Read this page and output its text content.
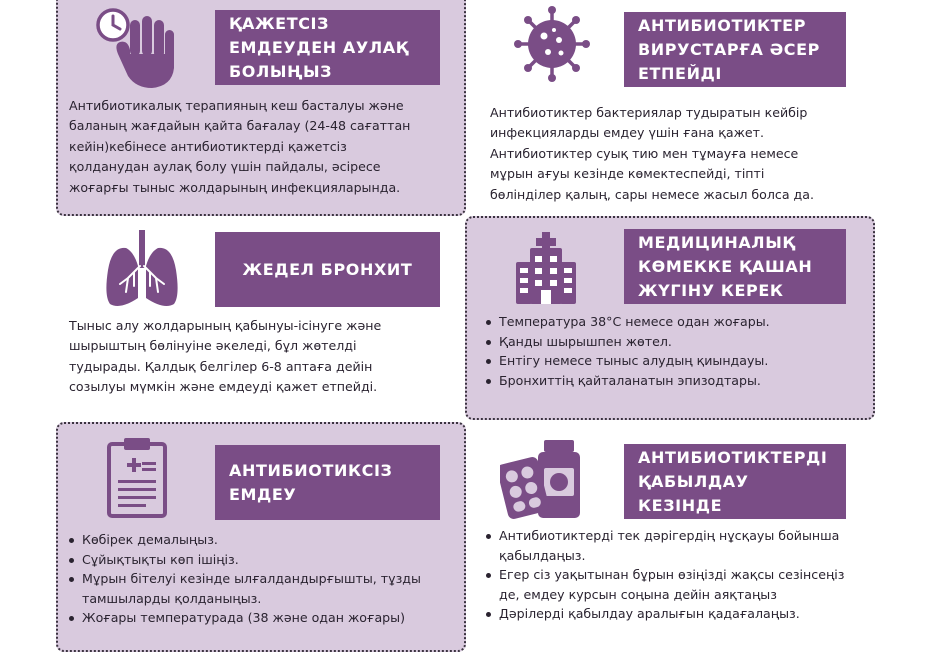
ҚАЖЕТСІЗ
ЕМДЕУДЕН АУЛАҚ
БОЛЫҢЫЗ

Антибиотикалық терапияның кеш басталуы және
баланың жағдайын қайта бағалау (24-48 сағаттан
кейін)кебінесе антибиотиктерді қажетсіз
қолданудан аулақ болу үшін пайдалы, әсіресе
жоғарғы тыныс жолдарының инфекцияларында.

АНТИБИОТИКТЕР
ВИРУСТАРҒА ӘСЕР
ЕТПЕЙДІ

Антибиотиктер бактериялар тудыратын кейбір
инфекцияларды емдеу үшін ғана қажет.
Антибиотиктер суық тию мен тұмауға немесе
мұрын ағуы кезінде көмектеспейді, тіпті
бөлінділер қалың, сары немесе жасыл болса да.

ЖЕДЕЛ БРОНХИТ

Тыныс алу жолдарының қабынуы-ісінуге және
шырыштың бөлінуіне әкеледі, бұл жөтелді
тудырады. Қалдық белгілер 6-8 аптаға дейін
созылуы мүмкін және емдеуді қажет етпейді.

МЕДИЦИНАЛЫҚ
КӨМЕККЕ ҚАШАН
ЖҮГІНУ КЕРЕК
Температура 38°С немесе одан жоғары.
Қанды шырышпен жөтел.
Ентігу немесе тыныс алудың қиындауы.
Бронхиттің қайталанатын эпизодтары.
АНТИБИОТИКСІЗ
ЕМДЕУ
Көбірек демалыңыз.
Сұйықтықты көп ішіңіз.
Мұрын бітелуі кезінде ылғалдандырғышты, тұзды
тамшыларды қолданыңыз.
Жоғары температурада (38 және одан жоғары)
АНТИБИОТИКТЕРДІ
ҚАБЫЛДАУ
КЕЗІНДЕ
Антибиотиктерді тек дәрігердің нұсқауы бойынша
қабылдаңыз.
Егер сіз уақытынан бұрын өзіңізді жақсы сезінсеңіз
де, емдеу курсын соңына дейін аяқтаңыз
Дәрілерді қабылдау аралығын қадағалаңыз.
